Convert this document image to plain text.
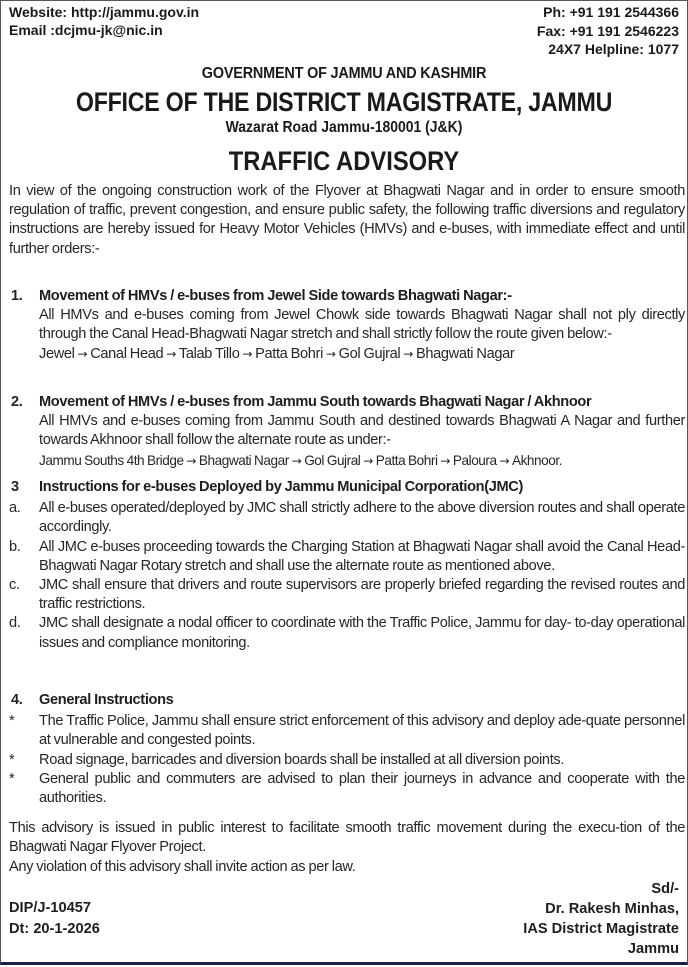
Website: http://jammu.gov.in
Email :dcjmu-jk@nic.in
Ph: +91 191 2544366
Fax: +91 191 2546223
24X7 Helpline: 1077
GOVERNMENT OF JAMMU AND KASHMIR
OFFICE OF THE DISTRICT MAGISTRATE, JAMMU
Wazarat Road Jammu-180001 (J&K)
TRAFFIC ADVISORY
In view of the ongoing construction work of the Flyover at Bhagwati Nagar and in order to ensure smooth regulation of traffic, prevent congestion, and ensure public safety, the following traffic diversions and regulatory instructions are hereby issued for Heavy Motor Vehicles (HMVs) and e-buses, with immediate effect and until further orders:-
1. Movement of HMVs / e-buses from Jewel Side towards Bhagwati Nagar:-
All HMVs and e-buses coming from Jewel Chowk side towards Bhagwati Nagar shall not ply directly through the Canal Head-Bhagwati Nagar stretch and shall strictly follow the route given below:-
Jewel → Canal Head → Talab Tillo → Patta Bohri → Gol Gujral → Bhagwati Nagar
2. Movement of HMVs / e-buses from Jammu South towards Bhagwati Nagar / Akhnoor
All HMVs and e-buses coming from Jammu South and destined towards Bhagwati A Nagar and further towards Akhnoor shall follow the alternate route as under:-
Jammu Souths 4th Bridge → Bhagwati Nagar → Gol Gujral → Patta Bohri → Paloura → Akhnoor.
3 Instructions for e-buses Deployed by Jammu Municipal Corporation(JMC)
a. All e-buses operated/deployed by JMC shall strictly adhere to the above diversion routes and shall operate accordingly.
b. All JMC e-buses proceeding towards the Charging Station at Bhagwati Nagar shall avoid the Canal Head-Bhagwati Nagar Rotary stretch and shall use the alternate route as mentioned above.
c. JMC shall ensure that drivers and route supervisors are properly briefed regarding the revised routes and traffic restrictions.
d. JMC shall designate a nodal officer to coordinate with the Traffic Police, Jammu for day- to-day operational issues and compliance monitoring.
4. General Instructions
* The Traffic Police, Jammu shall ensure strict enforcement of this advisory and deploy ade-quate personnel at vulnerable and congested points.
* Road signage, barricades and diversion boards shall be installed at all diversion points.
* General public and commuters are advised to plan their journeys in advance and cooperate with the authorities.
This advisory is issued in public interest to facilitate smooth traffic movement during the execu-tion of the Bhagwati Nagar Flyover Project.
Any violation of this advisory shall invite action as per law.
DIP/J-10457
Dt: 20-1-2026
Sd/-
Dr. Rakesh Minhas,
IAS District Magistrate
Jammu
